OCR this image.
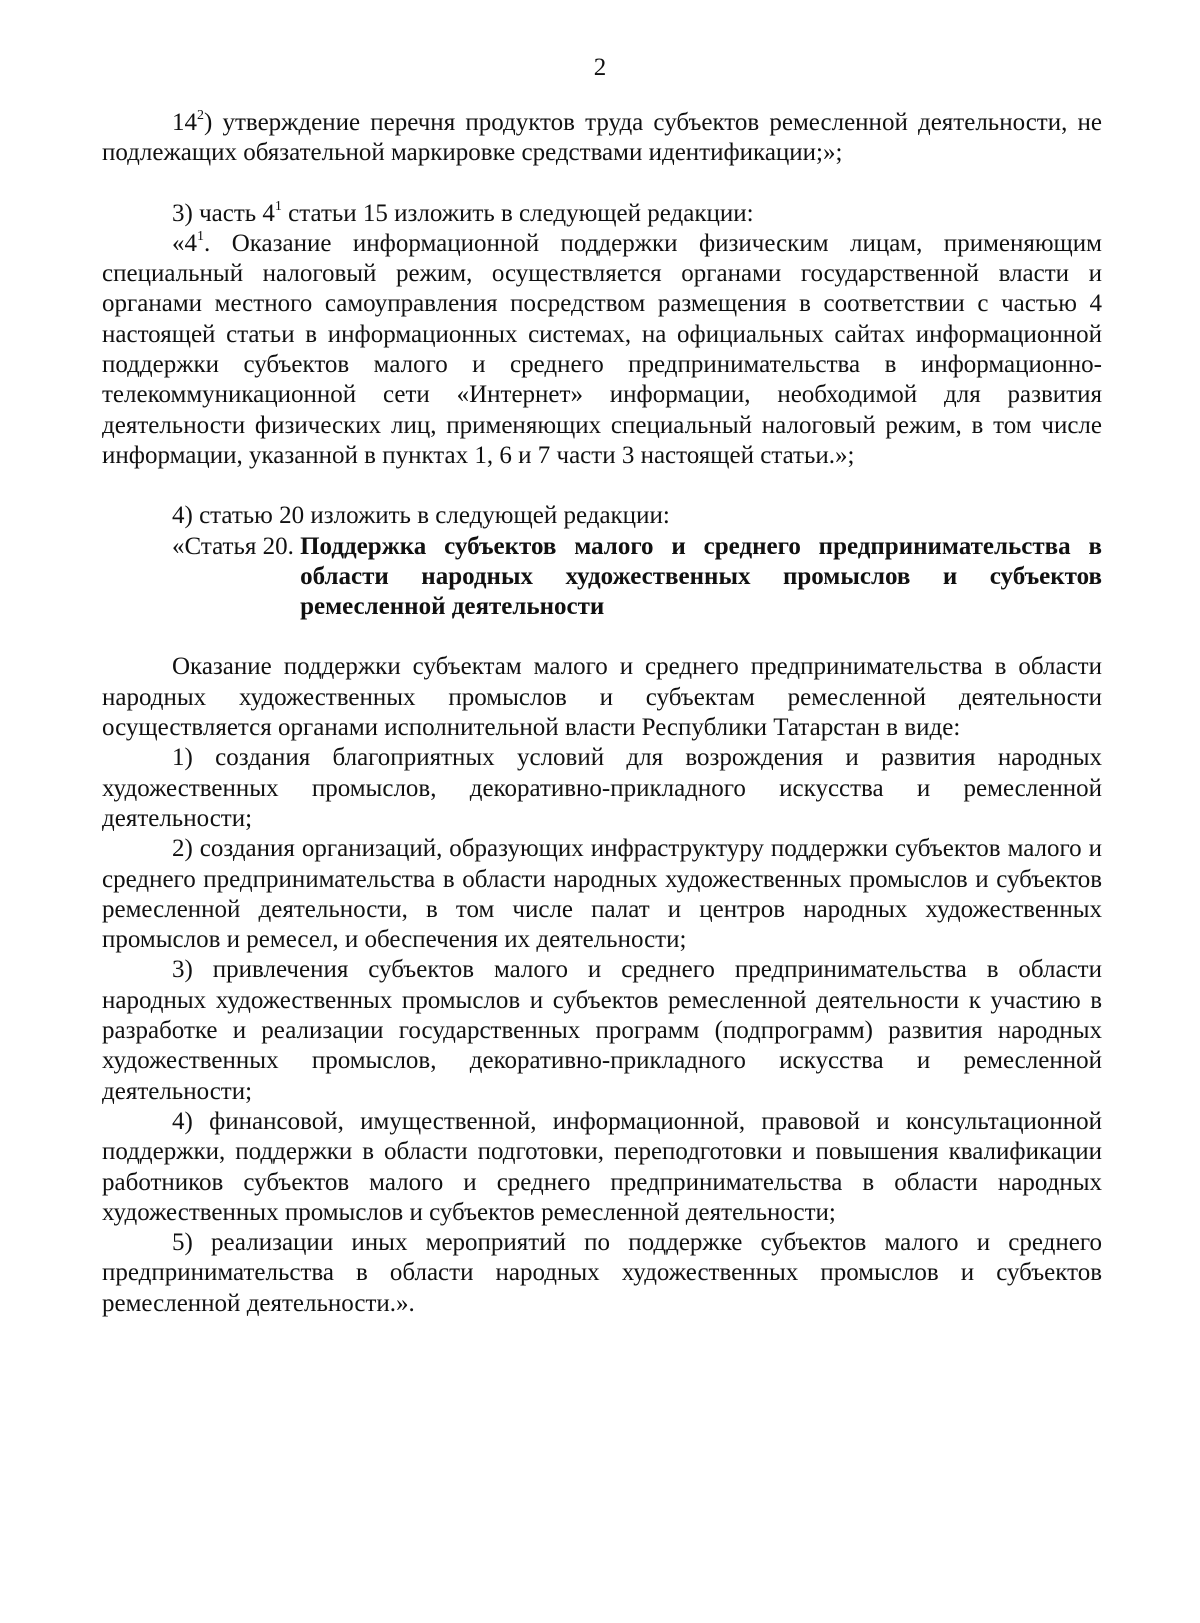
2

$14^2$) утверждение перечня продуктов труда субъектов ремесленной деятельности, не подлежащих обязательной маркировке средствами идентификации;»;

3) часть $4^1$ статьи 15 изложить в следующей редакции:

«$4^1$. Оказание информационной поддержки физическим лицам, применяющим специальный налоговый режим, осуществляется органами государственной власти и органами местного самоуправления посредством размещения в соответствии с частью 4 настоящей статьи в информационных системах, на официальных сайтах информационной поддержки субъектов малого и среднего предпринимательства в информационно-телекоммуникационной сети «Интернет» информации, необходимой для развития деятельности физических лиц, применяющих специальный налоговый режим, в том числе информации, указанной в пунктах 1, 6 и 7 части 3 настоящей статьи.»;

4) статью 20 изложить в следующей редакции:

«Статья 20. Поддержка субъектов малого и среднего предпринимательства в области народных художественных промыслов и субъектов ремесленной деятельности

Оказание поддержки субъектам малого и среднего предпринимательства в области народных художественных промыслов и субъектам ремесленной деятельности осуществляется органами исполнительной власти Республики Татарстан в виде:

1) создания благоприятных условий для возрождения и развития народных художественных промыслов, декоративно-прикладного искусства и ремесленной деятельности;

2) создания организаций, образующих инфраструктуру поддержки субъектов малого и среднего предпринимательства в области народных художественных промыслов и субъектов ремесленной деятельности, в том числе палат и центров народных художественных промыслов и ремесел, и обеспечения их деятельности;

3) привлечения субъектов малого и среднего предпринимательства в области народных художественных промыслов и субъектов ремесленной деятельности к участию в разработке и реализации государственных программ (подпрограмм) развития народных художественных промыслов, декоративно-прикладного искусства и ремесленной деятельности;

4) финансовой, имущественной, информационной, правовой и консультационной поддержки, поддержки в области подготовки, переподготовки и повышения квалификации работников субъектов малого и среднего предпринимательства в области народных художественных промыслов и субъектов ремесленной деятельности;

5) реализации иных мероприятий по поддержке субъектов малого и среднего предпринимательства в области народных художественных промыслов и субъектов ремесленной деятельности.».
